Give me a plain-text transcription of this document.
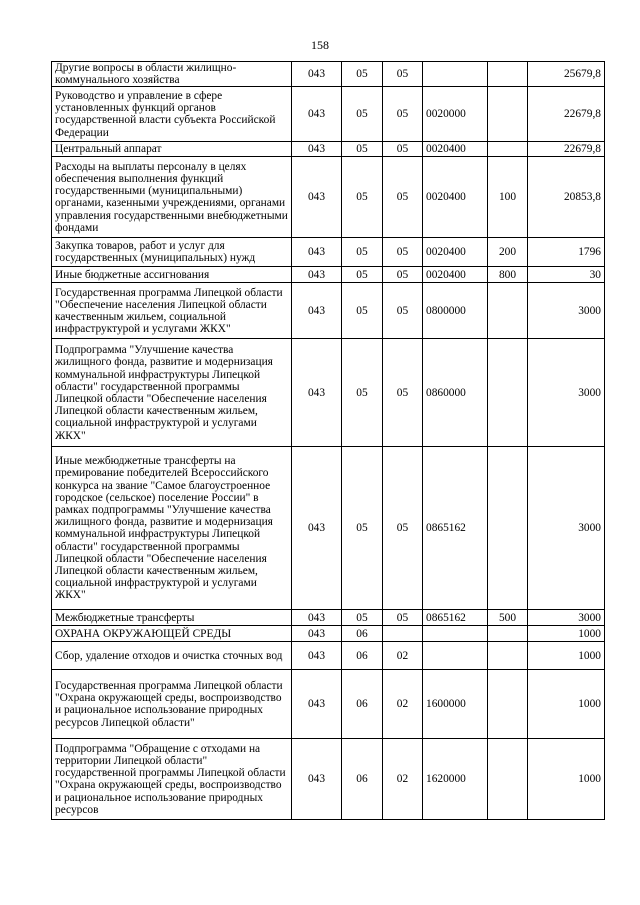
158
Другие вопросы в области жилищно-коммунального хозяйства	043	05	05			25679,8
Руководство и управление в сфере установленных функций органов государственной власти субъекта Российской Федерации	043	05	05	0020000		22679,8
Центральный аппарат	043	05	05	0020400		22679,8
Расходы на выплаты персоналу в целях обеспечения выполнения функций государственными (муниципальными) органами, казенными учреждениями, органами управления государственными внебюджетными фондами	043	05	05	0020400	100	20853,8
Закупка товаров, работ и услуг для государственных (муниципальных) нужд	043	05	05	0020400	200	1796
Иные бюджетные ассигнования	043	05	05	0020400	800	30
Государственная программа Липецкой области "Обеспечение населения Липецкой области качественным жильем, социальной инфраструктурой и услугами ЖКХ"	043	05	05	0800000		3000
Подпрограмма "Улучшение качества жилищного фонда, развитие и модернизация коммунальной инфраструктуры Липецкой области" государственной программы Липецкой области "Обеспечение населения Липецкой области качественным жильем, социальной инфраструктурой и услугами ЖКХ"	043	05	05	0860000		3000
Иные межбюджетные трансферты на премирование победителей Всероссийского конкурса на звание "Самое благоустроенное городское (сельское) поселение России" в рамках подпрограммы "Улучшение качества жилищного фонда, развитие и модернизация коммунальной инфраструктуры Липецкой области" государственной программы Липецкой области "Обеспечение населения Липецкой области качественным жильем, социальной инфраструктурой и услугами ЖКХ"	043	05	05	0865162		3000
Межбюджетные трансферты	043	05	05	0865162	500	3000
ОХРАНА ОКРУЖАЮЩЕЙ СРЕДЫ	043	06				1000
Сбор, удаление отходов и очистка сточных вод	043	06	02			1000
Государственная программа Липецкой области "Охрана окружающей среды, воспроизводство и рациональное использование природных ресурсов Липецкой области"	043	06	02	1600000		1000
Подпрограмма "Обращение с отходами на территории Липецкой области" государственной программы Липецкой области "Охрана окружающей среды, воспроизводство и рациональное использование природных ресурсов	043	06	02	1620000		1000
